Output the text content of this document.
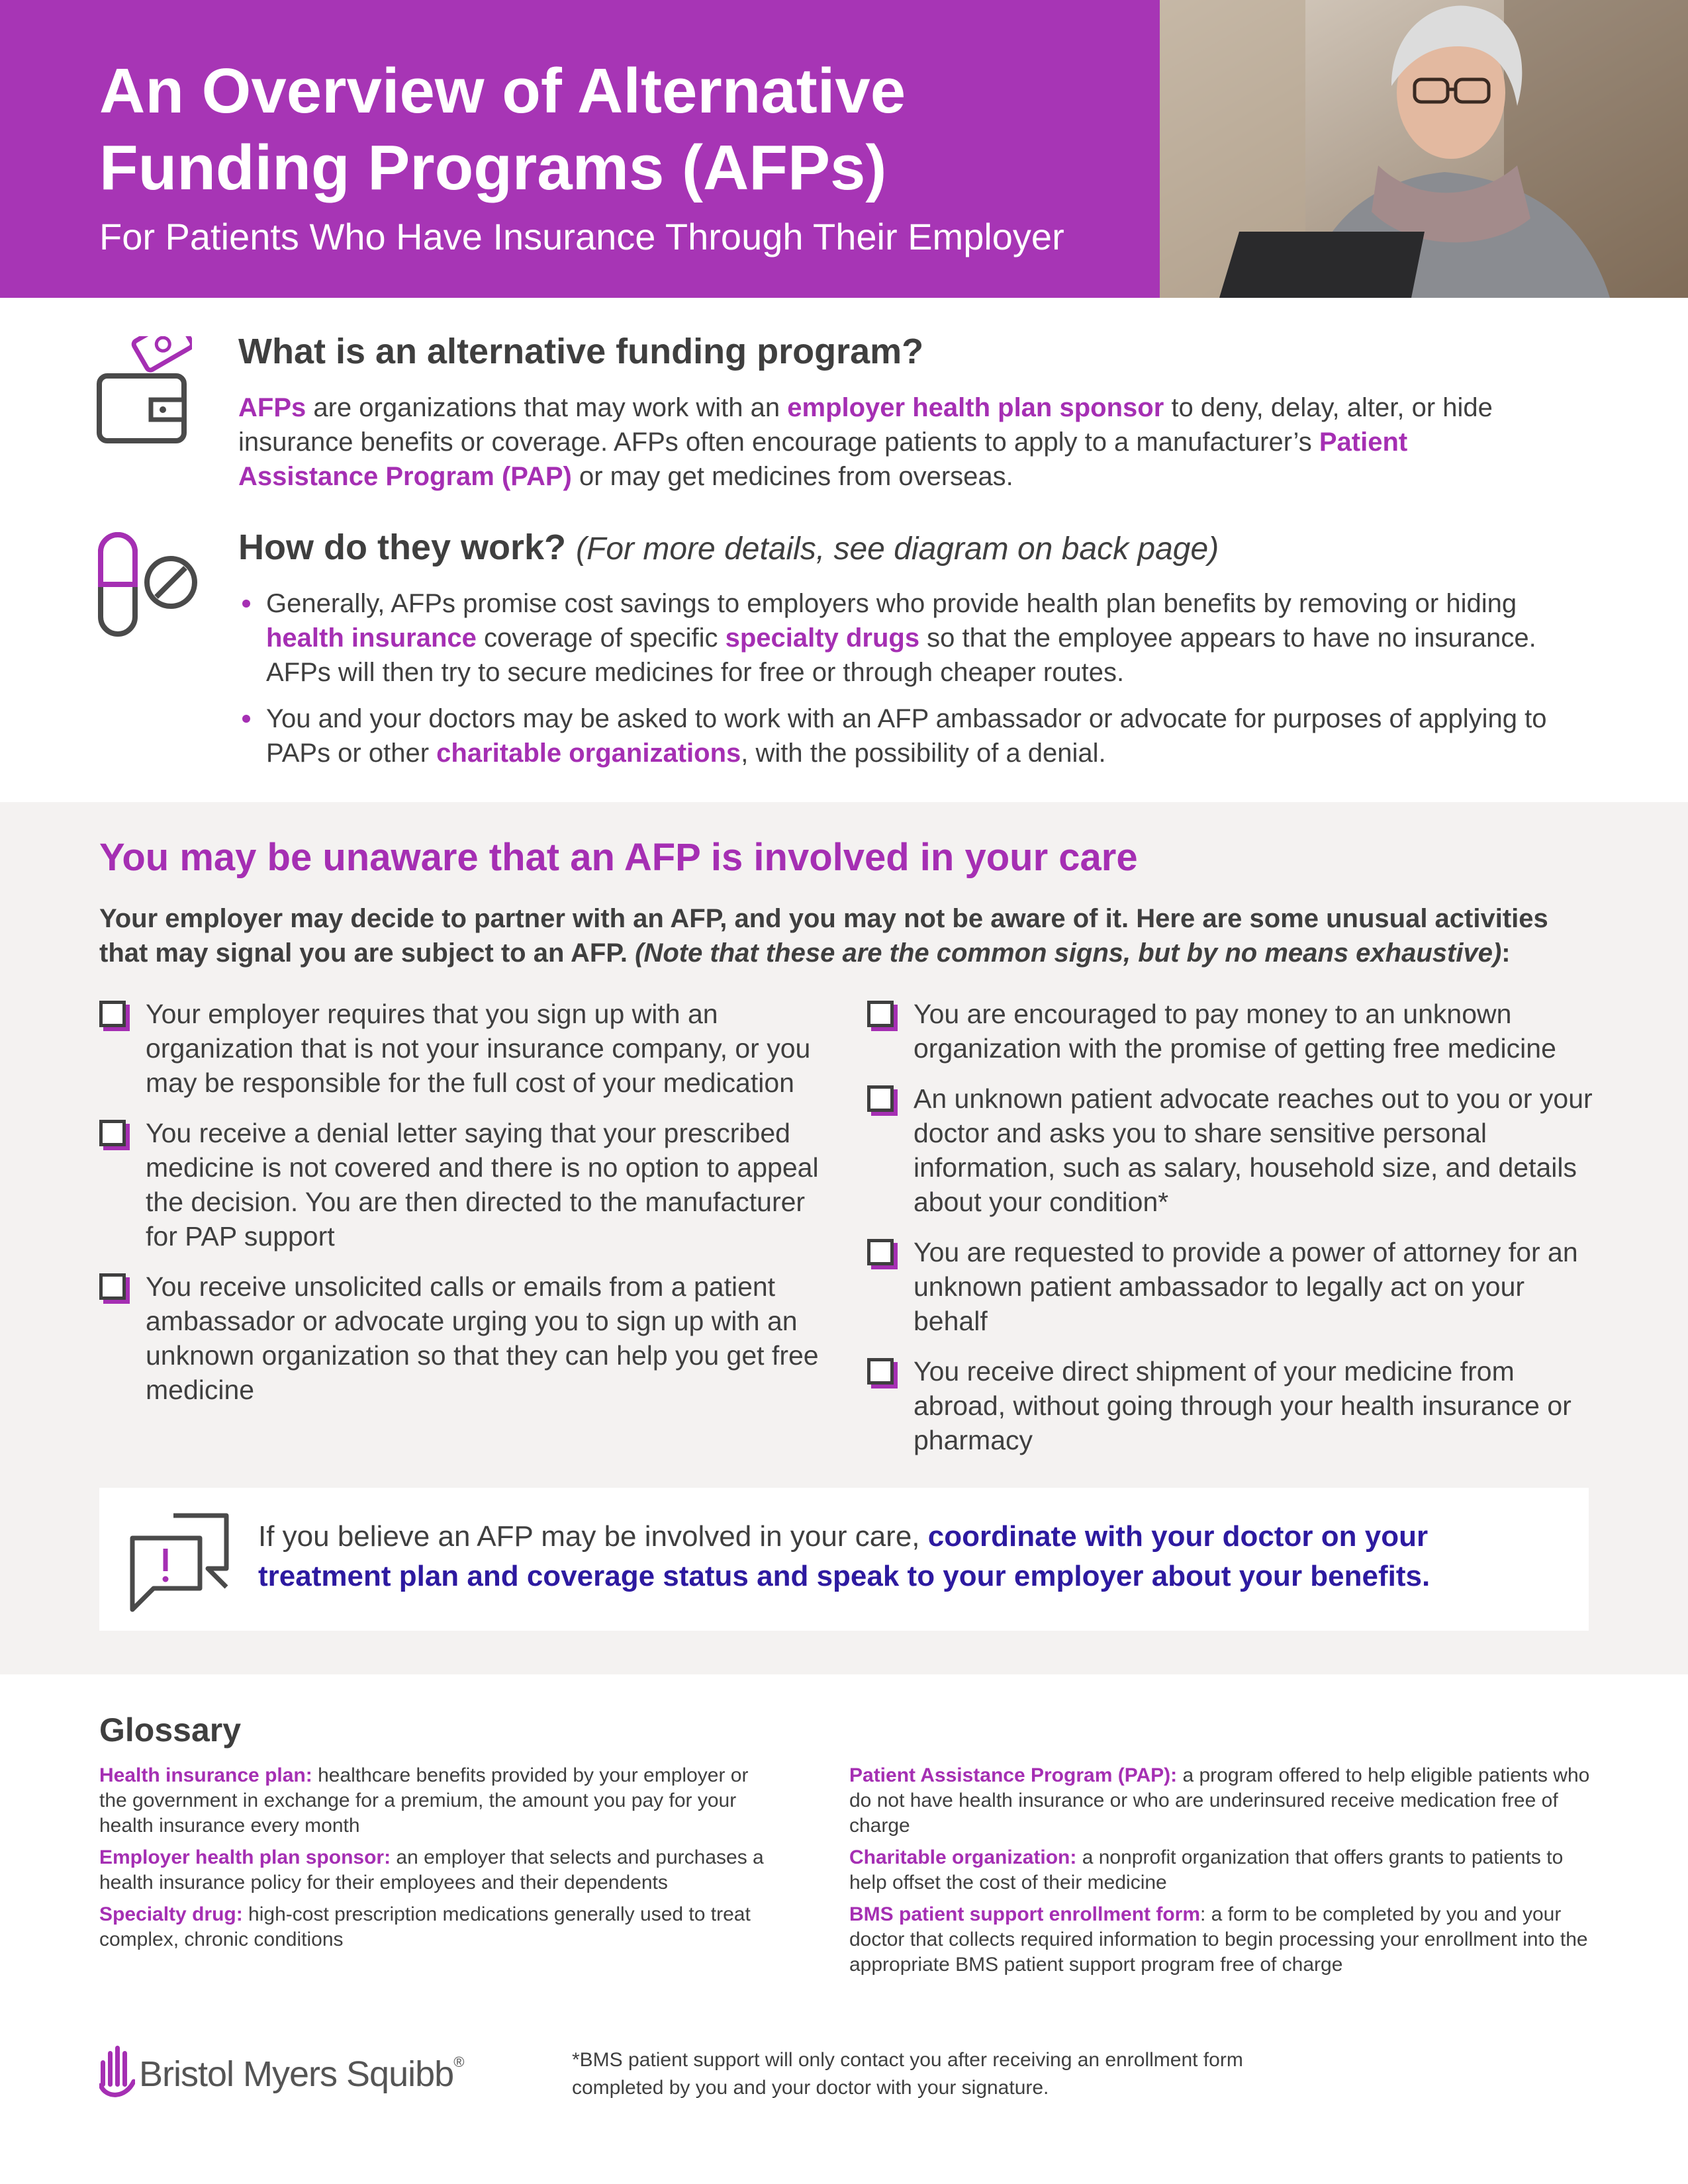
An Overview of Alternative Funding Programs (AFPs)
For Patients Who Have Insurance Through Their Employer
What is an alternative funding program?

AFPs are organizations that may work with an employer health plan sponsor to deny, delay, alter, or hide insurance benefits or coverage. AFPs often encourage patients to apply to a manufacturer’s Patient Assistance Program (PAP) or may get medicines from overseas.

How do they work? (For more details, see diagram on back page)
Generally, AFPs promise cost savings to employers who provide health plan benefits by removing or hiding health insurance coverage of specific specialty drugs so that the employee appears to have no insurance. AFPs will then try to secure medicines for free or through cheaper routes.
You and your doctors may be asked to work with an AFP ambassador or advocate for purposes of applying to PAPs or other charitable organizations, with the possibility of a denial.
You may be unaware that an AFP is involved in your care

Your employer may decide to partner with an AFP, and you may not be aware of it. Here are some unusual activities that may signal you are subject to an AFP. (Note that these are the common signs, but by no means exhaustive):

Your employer requires that you sign up with an organization that is not your insurance company, or you may be responsible for the full cost of your medication
You receive a denial letter saying that your prescribed medicine is not covered and there is no option to appeal the decision. You are then directed to the manufacturer for PAP support
You receive unsolicited calls or emails from a patient ambassador or advocate urging you to sign up with an unknown organization so that they can help you get free medicine
You are encouraged to pay money to an unknown organization with the promise of getting free medicine
An unknown patient advocate reaches out to you or your doctor and asks you to share sensitive personal information, such as salary, household size, and details about your condition*
You are requested to provide a power of attorney for an unknown patient ambassador to legally act on your behalf
You receive direct shipment of your medicine from abroad, without going through your health insurance or pharmacy

If you believe an AFP may be involved in your care, coordinate with your doctor on your treatment plan and coverage status and speak to your employer about your benefits.

Glossary

Health insurance plan: healthcare benefits provided by your employer or the government in exchange for a premium, the amount you pay for your health insurance every month

Employer health plan sponsor: an employer that selects and purchases a health insurance policy for their employees and their dependents

Specialty drug: high-cost prescription medications generally used to treat complex, chronic conditions

Patient Assistance Program (PAP): a program offered to help eligible patients who do not have health insurance or who are underinsured receive medication free of charge

Charitable organization: a nonprofit organization that offers grants to patients to help offset the cost of their medicine

BMS patient support enrollment form: a form to be completed by you and your doctor that collects required information to begin processing your enrollment into the appropriate BMS patient support program free of charge

Bristol Myers Squibb®	*BMS patient support will only contact you after receiving an enrollment form completed by you and your doctor with your signature.
